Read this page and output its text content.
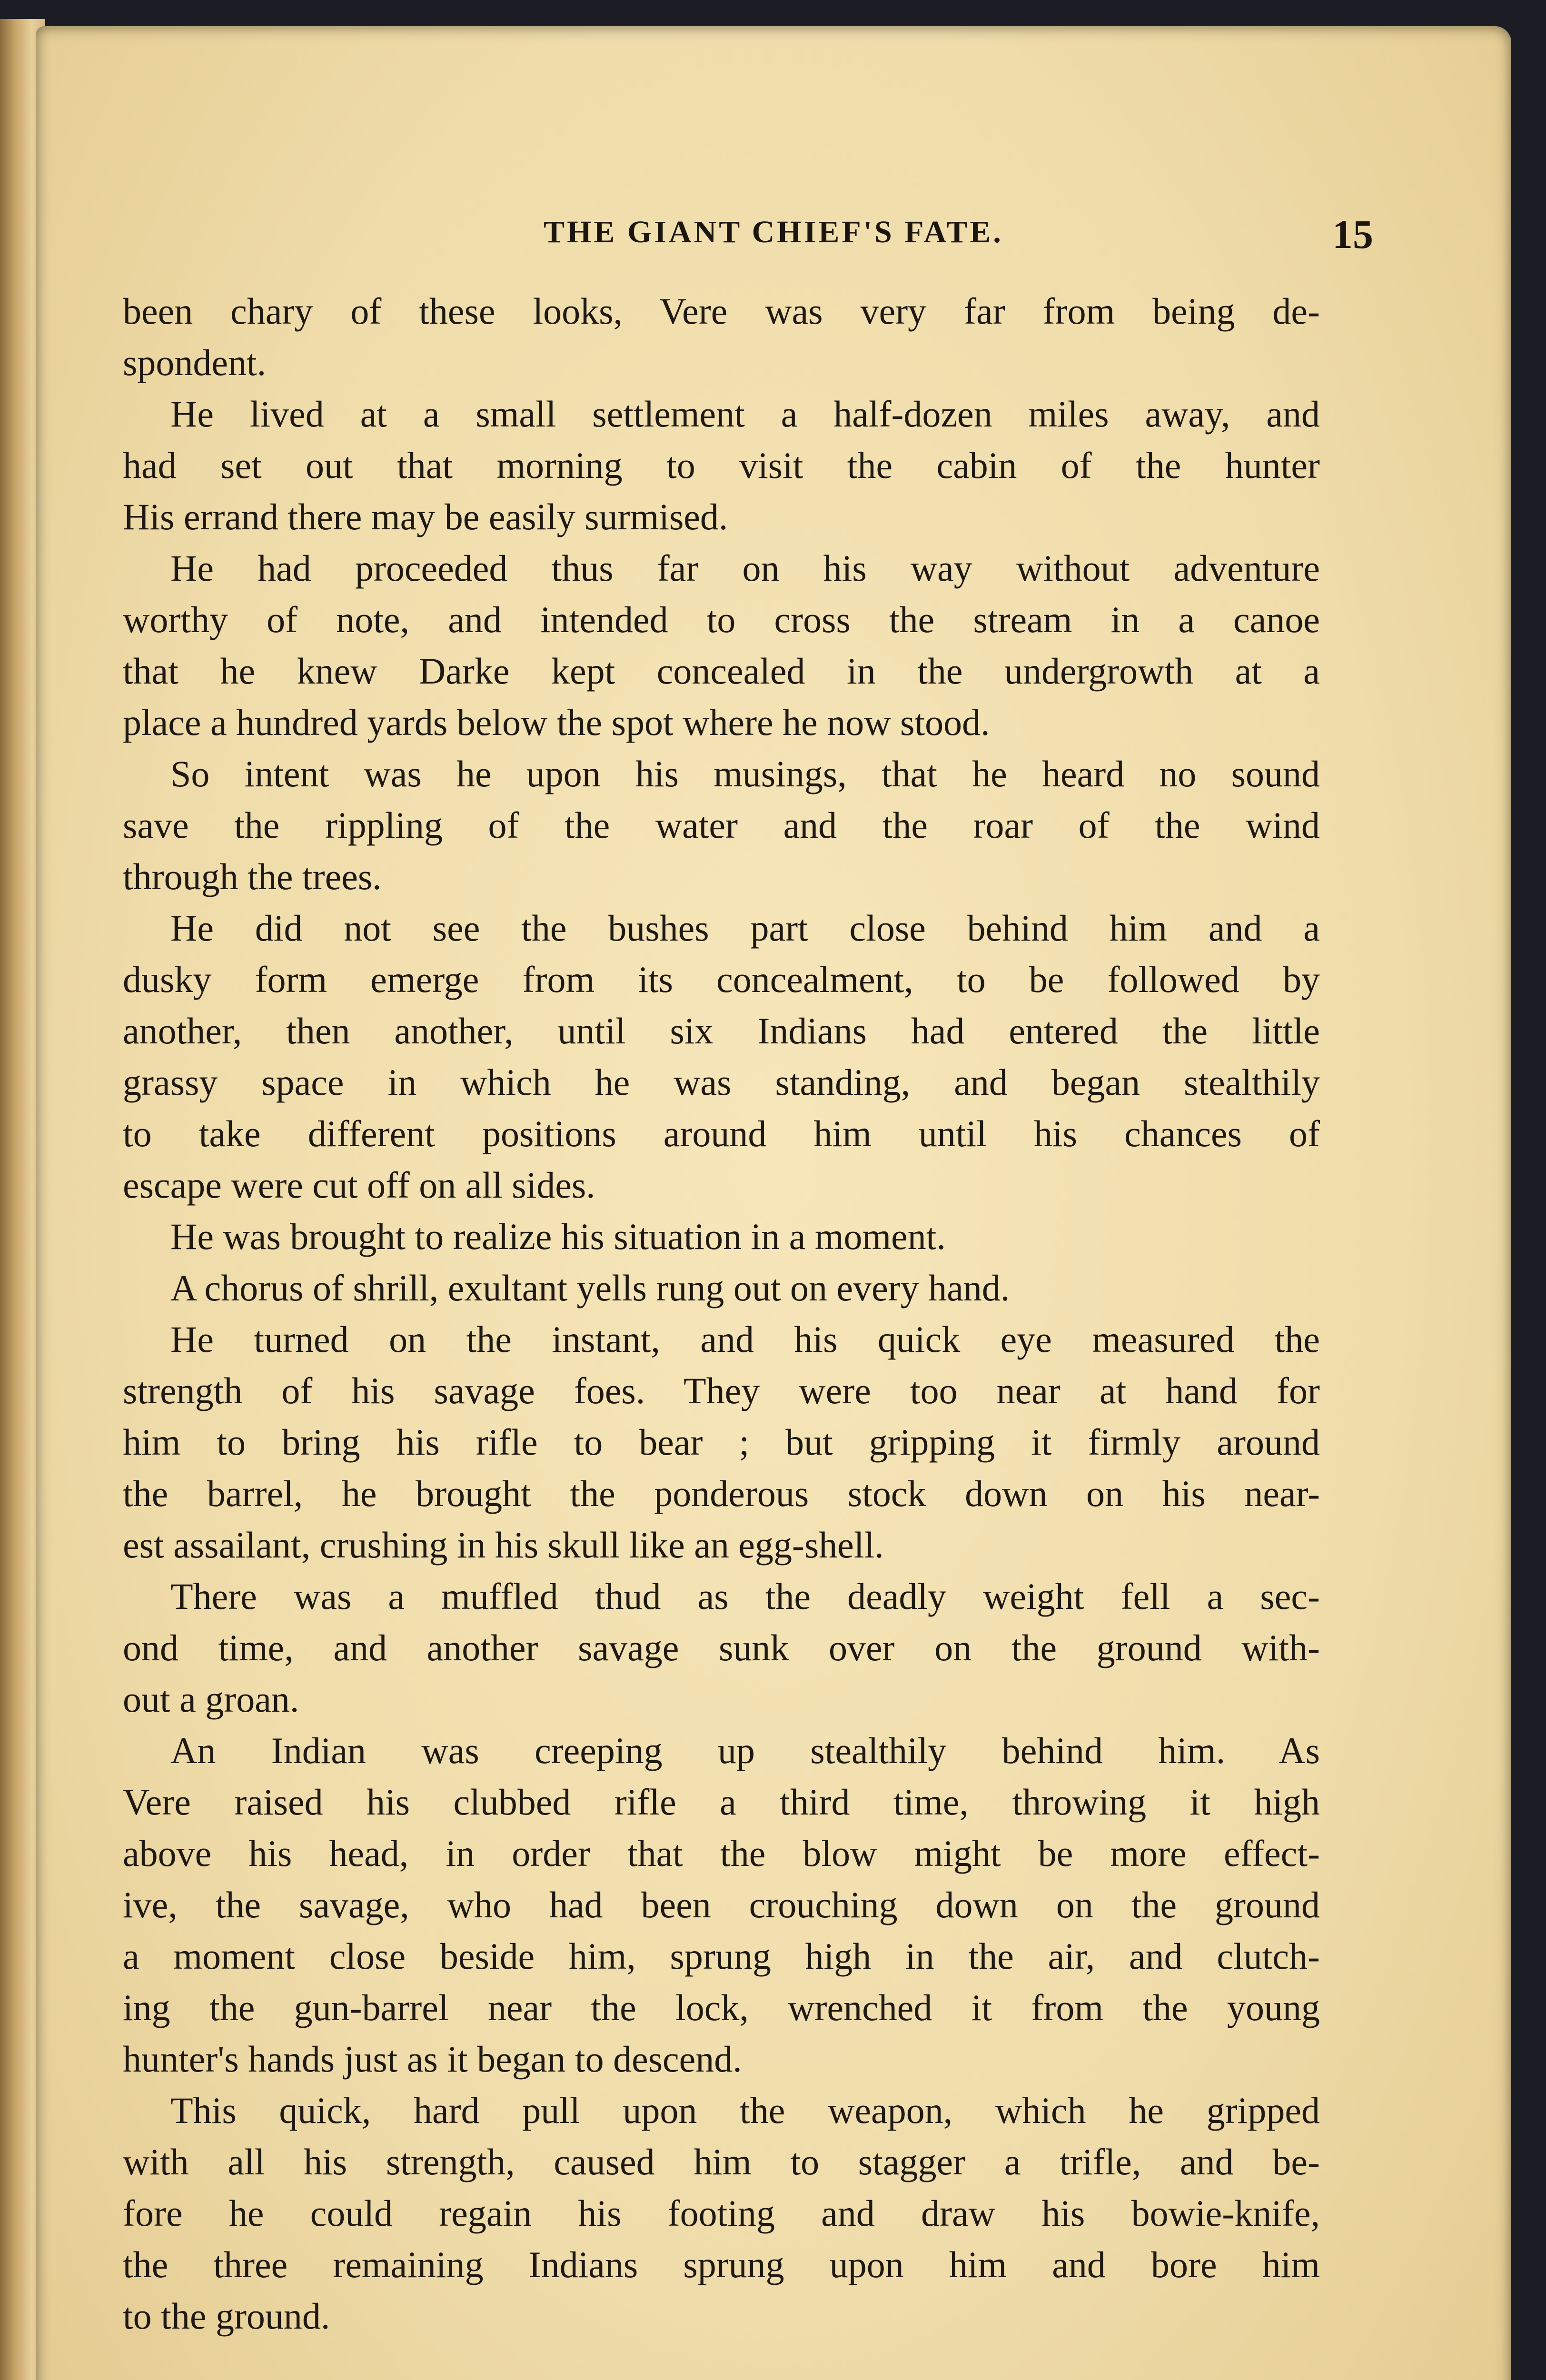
THE GIANT CHIEF'S FATE.	15
been chary of these looks, Vere was very far from being de-
spondent.
He lived at a small settlement a half-dozen miles away, and
had set out that morning to visit the cabin of the hunter
His errand there may be easily surmised.
He had proceeded thus far on his way without adventure
worthy of note, and intended to cross the stream in a canoe
that he knew Darke kept concealed in the undergrowth at a
place a hundred yards below the spot where he now stood.
So intent was he upon his musings, that he heard no sound
save the rippling of the water and the roar of the wind
through the trees.
He did not see the bushes part close behind him and a
dusky form emerge from its concealment, to be followed by
another, then another, until six Indians had entered the little
grassy space in which he was standing, and began stealthily
to take different positions around him until his chances of
escape were cut off on all sides.
He was brought to realize his situation in a moment.
A chorus of shrill, exultant yells rung out on every hand.
He turned on the instant, and his quick eye measured the
strength of his savage foes. They were too near at hand for
him to bring his rifle to bear ; but gripping it firmly around
the barrel, he brought the ponderous stock down on his near-
est assailant, crushing in his skull like an egg-shell.
There was a muffled thud as the deadly weight fell a sec-
ond time, and another savage sunk over on the ground with-
out a groan.
An Indian was creeping up stealthily behind him. As
Vere raised his clubbed rifle a third time, throwing it high
above his head, in order that the blow might be more effect-
ive, the savage, who had been crouching down on the ground
a moment close beside him, sprung high in the air, and clutch-
ing the gun-barrel near the lock, wrenched it from the young
hunter's hands just as it began to descend.
This quick, hard pull upon the weapon, which he gripped
with all his strength, caused him to stagger a trifle, and be-
fore he could regain his footing and draw his bowie-knife,
the three remaining Indians sprung upon him and bore him
to the ground.
